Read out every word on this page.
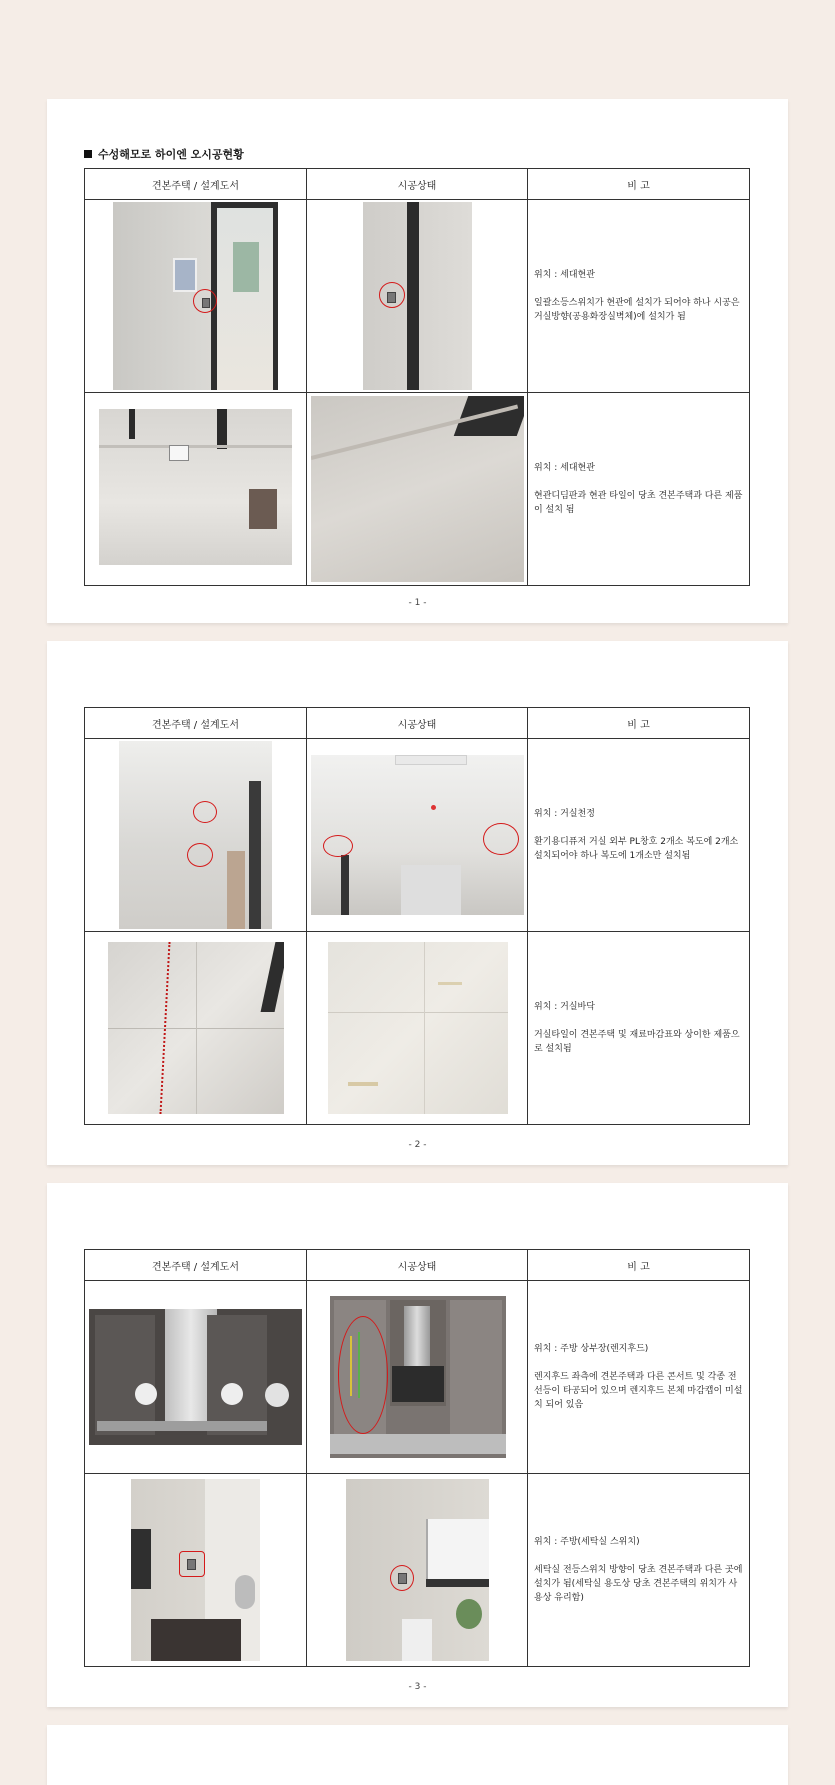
수성해모로 하이엔 오시공현황
견본주택 / 설계도서	시공상태	비 고

		위치 : 세대현관
일괄소등스위치가 현관에 설치가 되어야 하나 시공은 거실방향(공용화장실벽체)에 설치가 됨

		위치 : 세대현관
현관디딤판과 현관 타일이 당초 견본주택과 다른 제품이 설치 됨
- 1 -
견본주택 / 설계도서	시공상태	비 고

		위치 : 거실천정
환기용디퓨저 거실 외부 PL창호 2개소 복도에 2개소 설치되어야 하나 복도에 1개소만 설치됨

		위치 : 거실바닥
거실타일이 견본주택 및 재료마감표와 상이한 제품으로 설치됨
- 2 -
견본주택 / 설계도서	시공상태	비 고

		위치 : 주방 상부장(렌지후드)
렌지후드 좌측에 견본주택과 다른 콘서트 및 각종 전선등이 타공되어 있으며 렌지후드 본체 마감캡이 미설치 되어 있음

		위치 : 주방(세탁실 스위치)
세탁실 전등스위치 방향이 당초 견본주택과 다른 곳에 설치가 됨(세탁실 용도상 당초 견본주택의 위치가 사용상 유리함)
- 3 -
